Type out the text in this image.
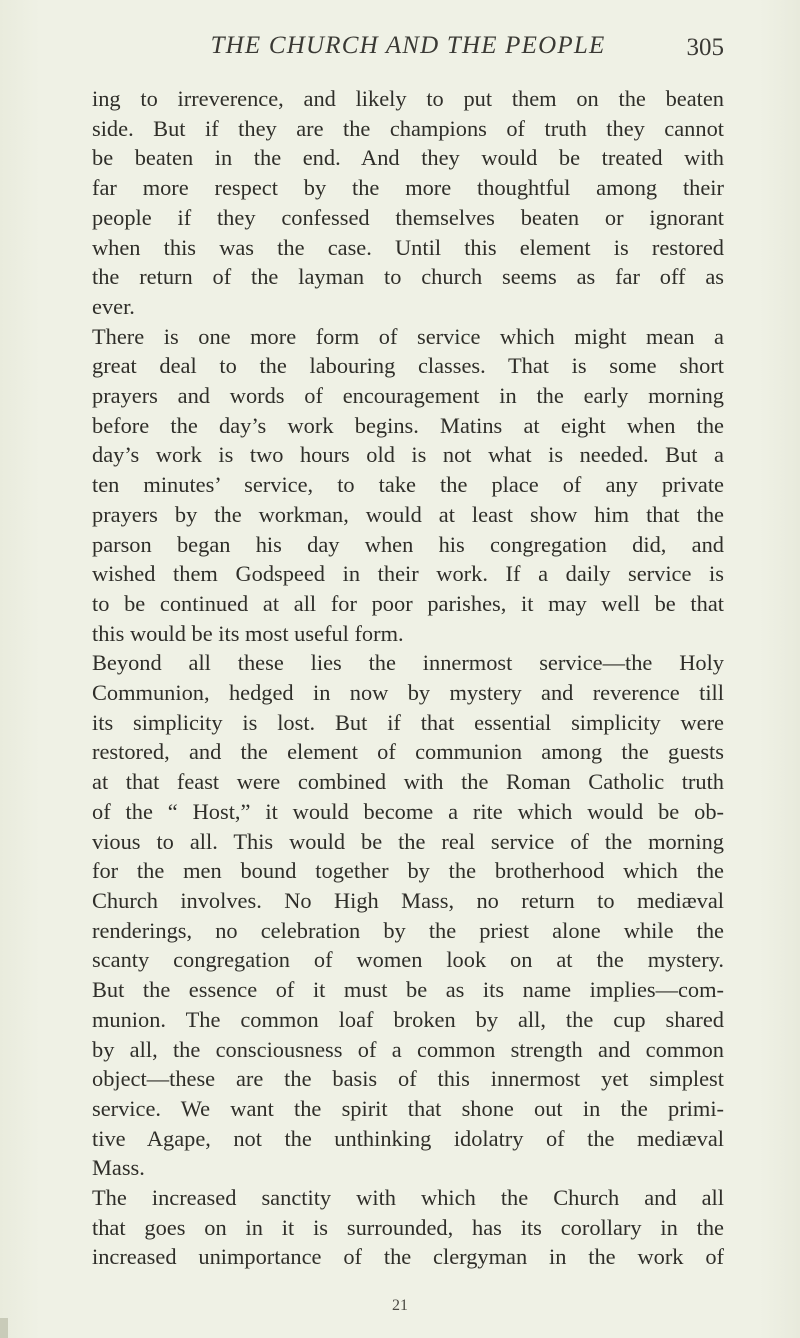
THE CHURCH AND THE PEOPLE	305
ing to irreverence, and likely to put them on the beaten
side. But if they are the champions of truth they cannot
be beaten in the end. And they would be treated with
far more respect by the more thoughtful among their
people if they confessed themselves beaten or ignorant
when this was the case. Until this element is restored
the return of the layman to church seems as far off as
ever.
There is one more form of service which might mean a
great deal to the labouring classes. That is some short
prayers and words of encouragement in the early morning
before the day’s work begins. Matins at eight when the
day’s work is two hours old is not what is needed. But a
ten minutes’ service, to take the place of any private
prayers by the workman, would at least show him that the
parson began his day when his congregation did, and
wished them Godspeed in their work. If a daily service is
to be continued at all for poor parishes, it may well be that
this would be its most useful form.
Beyond all these lies the innermost service—the Holy
Communion, hedged in now by mystery and reverence till
its simplicity is lost. But if that essential simplicity were
restored, and the element of communion among the guests
at that feast were combined with the Roman Catholic truth
of the “ Host,” it would become a rite which would be ob-
vious to all. This would be the real service of the morning
for the men bound together by the brotherhood which the
Church involves. No High Mass, no return to mediæval
renderings, no celebration by the priest alone while the
scanty congregation of women look on at the mystery.
But the essence of it must be as its name implies—com-
munion. The common loaf broken by all, the cup shared
by all, the consciousness of a common strength and common
object—these are the basis of this innermost yet simplest
service. We want the spirit that shone out in the primi-
tive Agape, not the unthinking idolatry of the mediæval
Mass.
The increased sanctity with which the Church and all
that goes on in it is surrounded, has its corollary in the
increased unimportance of the clergyman in the work of
21
